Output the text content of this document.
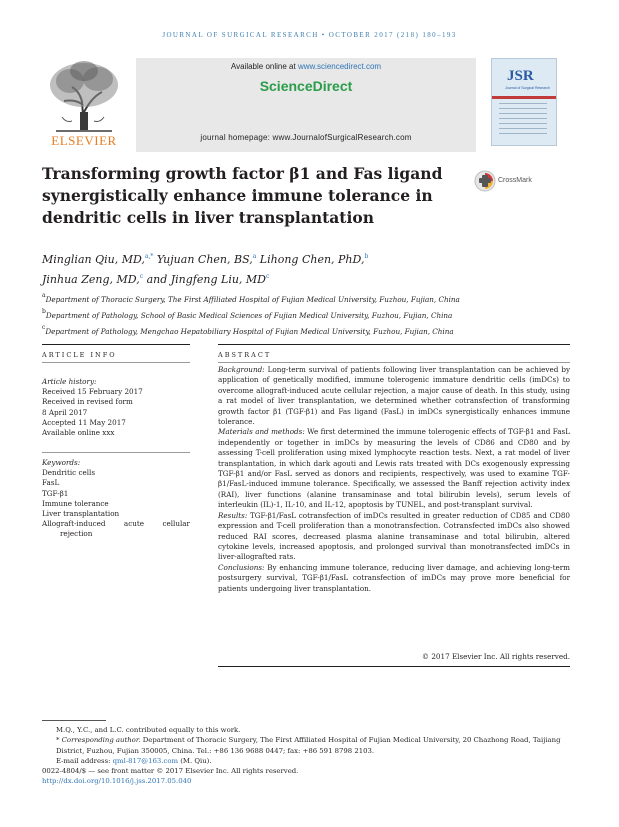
JOURNAL OF SURGICAL RESEARCH • OCTOBER 2017 (218) 180–193
ELSEVIER
Available online at www.sciencedirect.com
ScienceDirect
journal homepage: www.JournalofSurgicalResearch.com
JSR
Journal of Surgical Research
Transforming growth factor β1 and Fas ligand synergistically enhance immune tolerance in dendritic cells in liver transplantation
CrossMark
Minglian Qiu, MD,$^{a,*}$ Yujuan Chen, BS,$^a$ Lihong Chen, PhD,$^b$
Jinhua Zeng, MD,$^c$ and Jingfeng Liu, $MD^c$
$^a$Department of Thoracic Surgery, The First Affiliated Hospital of Fujian Medical University, Fuzhou, Fujian, China
$^b$Department of Pathology, School of Basic Medical Sciences of Fujian Medical University, Fuzhou, Fujian, China
$^c$Department of Pathology, Mengchao Hepatobiliary Hospital of Fujian Medical University, Fuzhou, Fujian, China
ARTICLE INFO	ABSTRACT
Article history:
Received 15 February 2017
Received in revised form
8 April 2017
Accepted 11 May 2017
Available online xxx
Keywords:
Dendritic cells
FasL
TGF-β1
Immune tolerance
Liver transplantation
Allograft-induced acute cellular
rejection

Background: Long-term survival of patients following liver transplantation can be achieved by application of genetically modified, immune tolerogenic immature dendritic cells (imDCs) to overcome allograft-induced acute cellular rejection, a major cause of death. In this study, using a rat model of liver transplantation, we determined whether cotransfection of transforming growth factor β1 (TGF-β1) and Fas ligand (FasL) in imDCs synergistically enhances immune tolerance.

Materials and methods: We first determined the immune tolerogenic effects of TGF-β1 and FasL independently or together in imDCs by measuring the levels of CD86 and CD80 and by assessing T-cell proliferation using mixed lymphocyte reaction tests. Next, a rat model of liver transplantation, in which dark agouti and Lewis rats treated with DCs exogenously expressing TGF-β1 and/or FasL served as donors and recipients, respectively, was used to examine TGF-β1/FasL-induced immune tolerance. Specifically, we assessed the Banff rejection activity index (RAI), liver functions (alanine transaminase and total bilirubin levels), serum levels of interleukin (IL)-1, IL-10, and IL-12, apoptosis by TUNEL, and post-transplant survival.

Results: TGF-β1/FasL cotransfection of imDCs resulted in greater reduction of CD85 and CD80 expression and T-cell proliferation than a monotransfection. Cotransfected imDCs also showed reduced RAI scores, decreased plasma alanine transaminase and total bilirubin, altered cytokine levels, increased apoptosis, and prolonged survival than monotransfected imDCs in liver-allografted rats.

Conclusions: By enhancing immune tolerance, reducing liver damage, and achieving long-term postsurgery survival, TGF-β1/FasL cotransfection of imDCs may prove more beneficial for patients undergoing liver transplantation.

© 2017 Elsevier Inc. All rights reserved.
M.Q., Y.C., and L.C. contributed equally to this work.
* Corresponding author. Department of Thoracic Surgery, The First Affiliated Hospital of Fujian Medical University, 20 Chazhong Road, Taijiang District, Fuzhou, Fujian 350005, China. Tel.: +86 136 9688 0447; fax: +86 591 8798 2103.
E-mail address: qml-817@163.com (M. Qiu).
0022-4804/$ — see front matter © 2017 Elsevier Inc. All rights reserved.
http://dx.doi.org/10.1016/j.jss.2017.05.040
